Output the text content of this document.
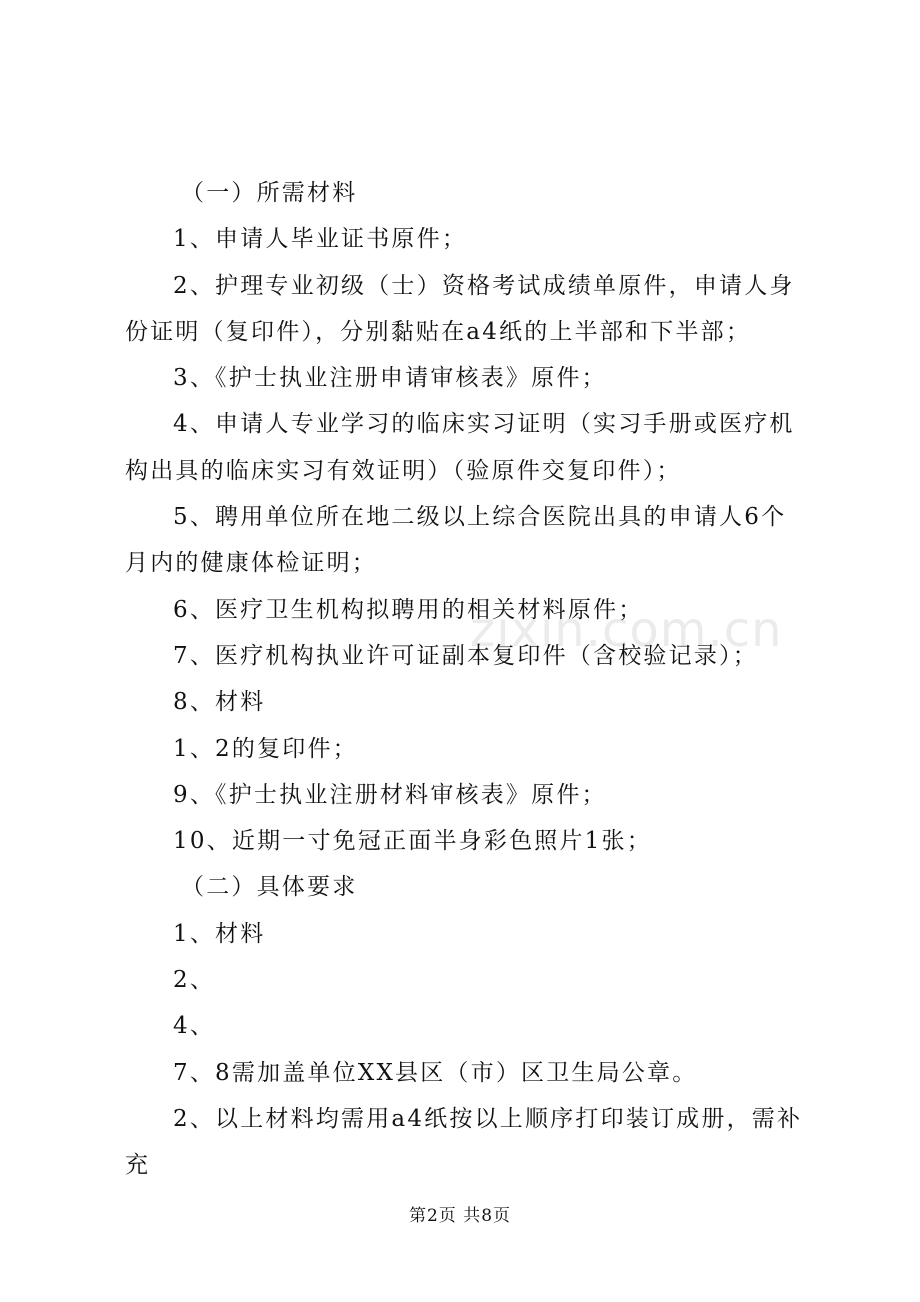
（一）所需材料

1、申请人毕业证书原件；

2、护理专业初级（士）资格考试成绩单原件，申请人身份证明（复印件），分别黏贴在a4纸的上半部和下半部；

3、《护士执业注册申请审核表》原件；

4、申请人专业学习的临床实习证明（实习手册或医疗机构出具的临床实习有效证明）（验原件交复印件）；

5、聘用单位所在地二级以上综合医院出具的申请人6个月内的健康体检证明；

6、医疗卫生机构拟聘用的相关材料原件；

7、医疗机构执业许可证副本复印件（含校验记录）；

8、材料

1、2的复印件；

9、《护士执业注册材料审核表》原件；

10、近期一寸免冠正面半身彩色照片1张；

（二）具体要求

1、材料

2、

4、

7、8需加盖单位XX县区（市）区卫生局公章。

2、以上材料均需用a4纸按以上顺序打印装订成册，需补充

zixin.com.cn
第2页 共8页
